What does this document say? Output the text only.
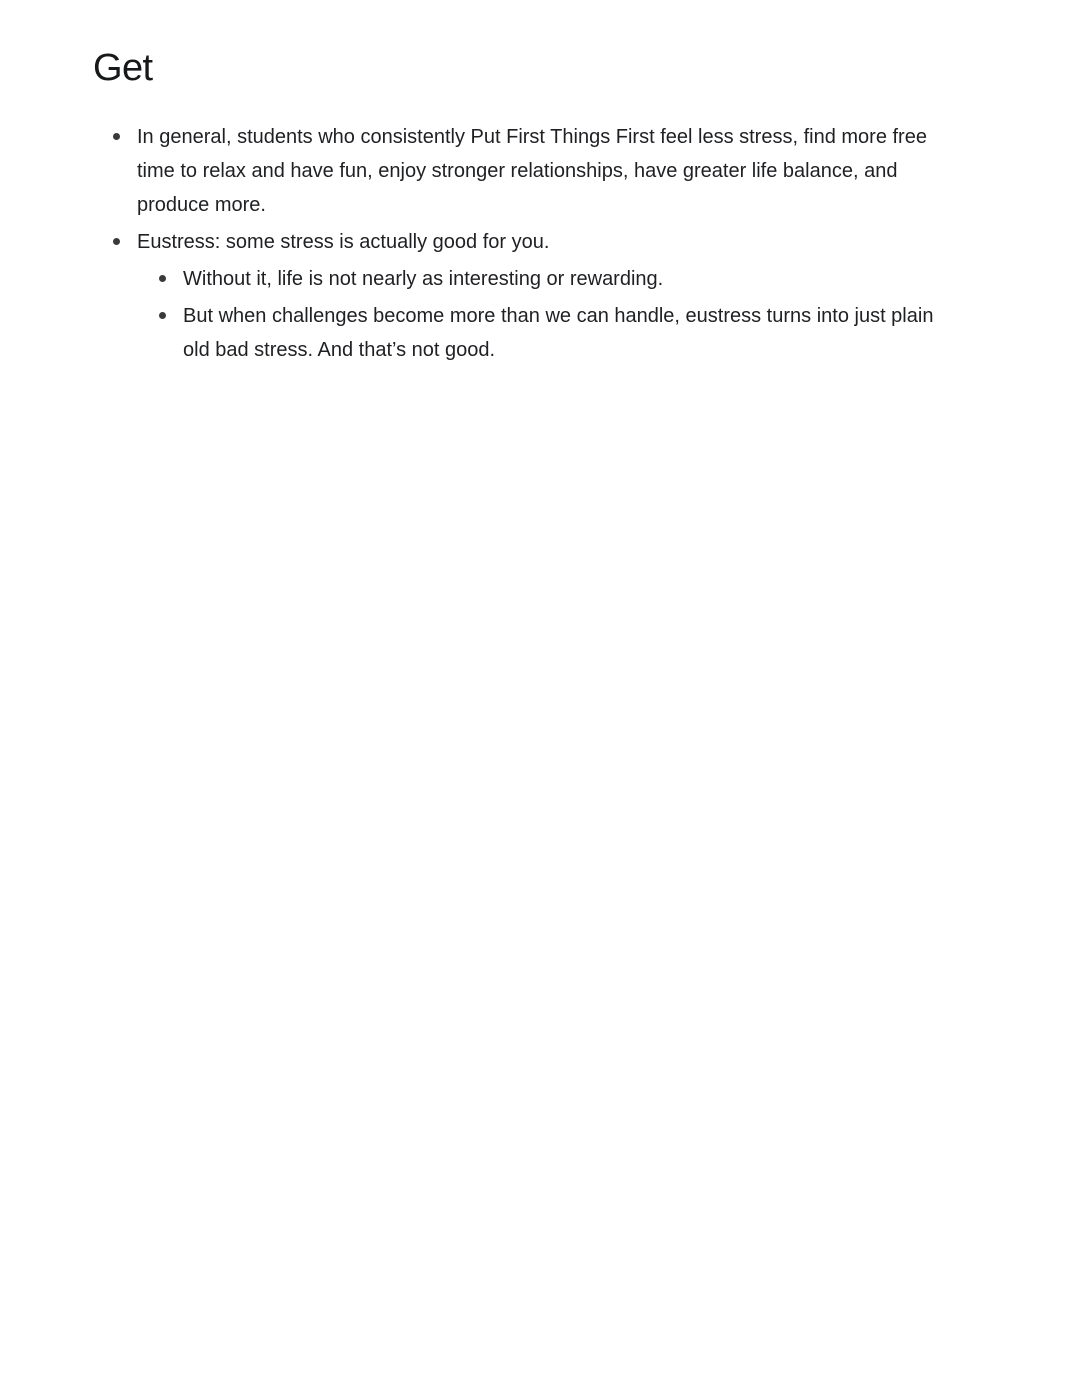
Get
In general, students who consistently Put First Things First feel less stress, find more free time to relax and have fun, enjoy stronger relationships, have greater life balance, and produce more.
Eustress: some stress is actually good for you.
Without it, life is not nearly as interesting or rewarding.
But when challenges become more than we can handle, eustress turns into just plain old bad stress. And that’s not good.
